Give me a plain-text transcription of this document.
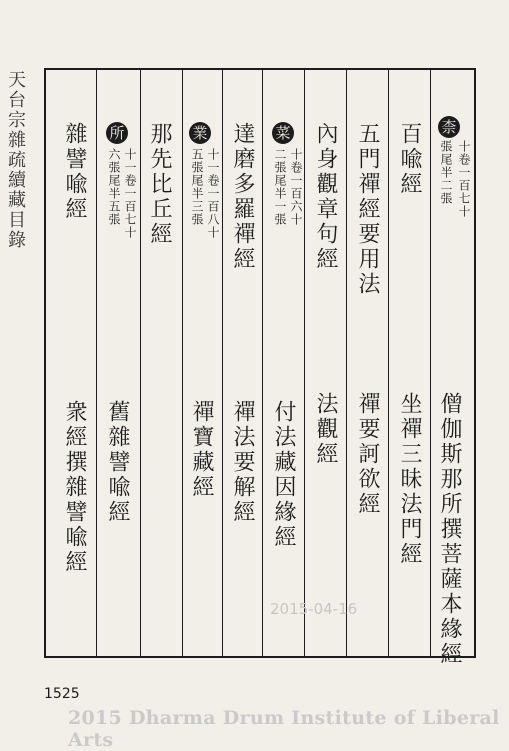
天台宗雜疏續藏目錄	柰
十卷一百七十
張尾半二張
百喩經
僧伽斯那所撰菩薩本緣經
五門禪經要用法
坐禪三昧法門經
禪要訶欲經
內身觀章句經
法觀經
菜
十卷一百六十
二張尾半一張
付法藏因緣經
達磨多羅禪經
禪法要解經
業
十一卷一百八十
五張尾半三張
禪寶藏經
那先比丘經
所
十一卷一百七十
六張尾半五張
舊雜譬喩經
雜譬喩經
衆經撰雜譬喩經
2015-04-16
1525
2015 Dharma Drum Institute of Liberal Arts
